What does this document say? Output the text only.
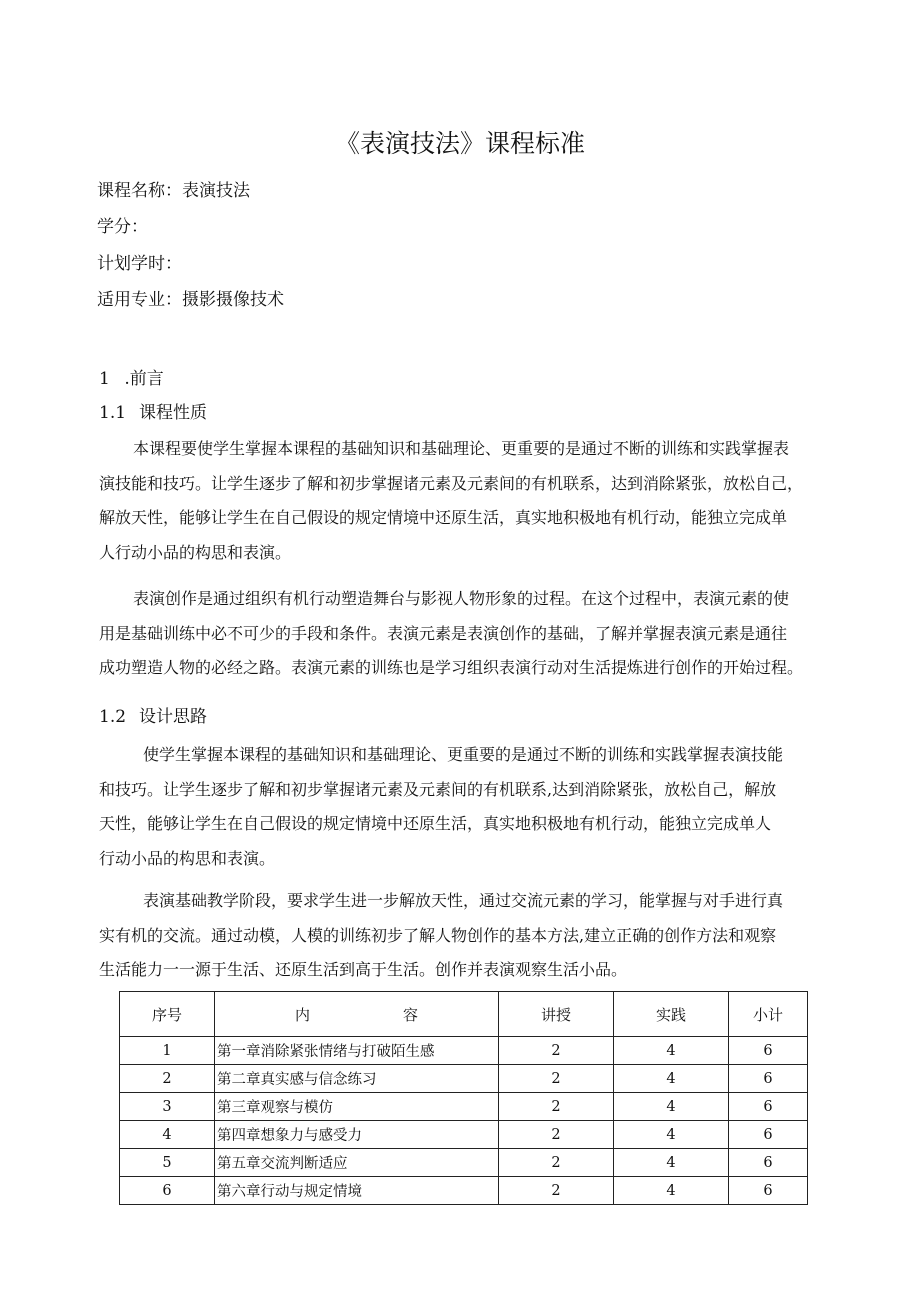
《表演技法》课程标准
课程名称：表演技法
学分：
计划学时：
适用专业：摄影摄像技术
1 .前言
1.1 课程性质
本课程要使学生掌握本课程的基础知识和基础理论、更重要的是通过不断的训练和实践掌握表
演技能和技巧。让学生逐步了解和初步掌握诸元素及元素间的有机联系，达到消除紧张，放松自己，
解放天性，能够让学生在自己假设的规定情境中还原生活，真实地积极地有机行动，能独立完成单
人行动小品的构思和表演。
表演创作是通过组织有机行动塑造舞台与影视人物形象的过程。在这个过程中，表演元素的使
用是基础训练中必不可少的手段和条件。表演元素是表演创作的基础，了解并掌握表演元素是通往
成功塑造人物的必经之路。表演元素的训练也是学习组织表演行动对生活提炼进行创作的开始过程。
1.2 设计思路
使学生掌握本课程的基础知识和基础理论、更重要的是通过不断的训练和实践掌握表演技能
和技巧。让学生逐步了解和初步掌握诸元素及元素间的有机联系,达到消除紧张，放松自己，解放
天性，能够让学生在自己假设的规定情境中还原生活，真实地积极地有机行动，能独立完成单人
行动小品的构思和表演。
表演基础教学阶段，要求学生进一步解放天性，通过交流元素的学习，能掌握与对手进行真
实有机的交流。通过动模，人模的训练初步了解人物创作的基本方法,建立正确的创作方法和观察
生活能力一一源于生活、还原生活到高于生活。创作并表演观察生活小品。
序号	内 容	讲授	实践	小计
1	第一章消除紧张情绪与打破陌生感	2	4	6
2	第二章真实感与信念练习	2	4	6
3	第三章观察与模仿	2	4	6
4	第四章想象力与感受力	2	4	6
5	第五章交流判断适应	2	4	6
6	第六章行动与规定情境	2	4	6
